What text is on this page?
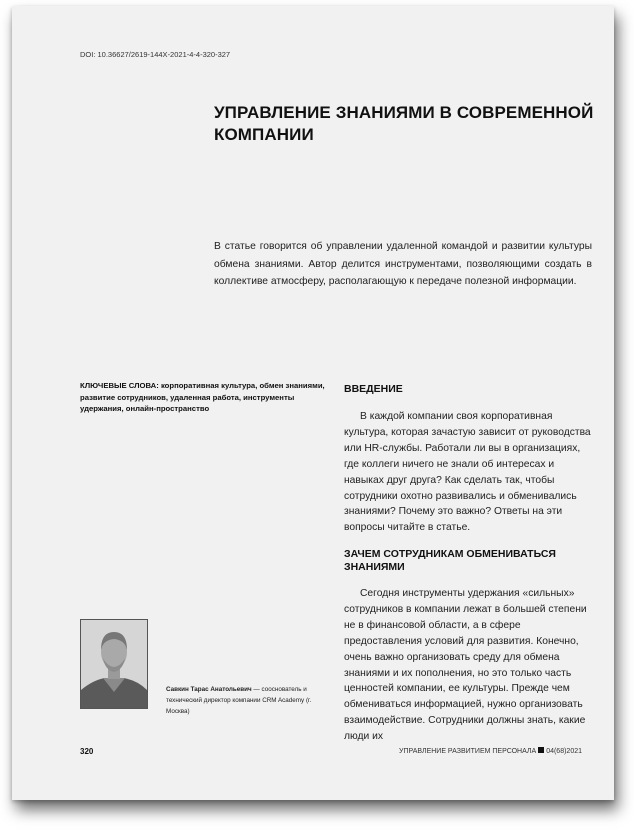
DOI: 10.36627/2619-144X-2021-4-4-320-327
УПРАВЛЕНИЕ ЗНАНИЯМИ В СОВРЕМЕННОЙ
КОМПАНИИ
В статье говорится об управлении удаленной командой и развитии культуры обмена знаниями. Автор делится инструментами, позволяющими создать в коллективе атмосферу, располагающую к передаче полезной информации.
КЛЮЧЕВЫЕ СЛОВА: корпоративная культура, обмен знаниями, развитие сотрудников, удаленная работа, инструменты удержания, онлайн-пространство
ВВЕДЕНИЕ

В каждой компании своя корпоративная культура, которая зачастую зависит от руководства или HR-службы. Работали ли вы в организациях, где коллеги ничего не знали об интересах и навыках друг друга? Как сделать так, чтобы сотрудники охотно развивались и обменивались знаниями? Почему это важно? Ответы на эти вопросы читайте в статье.

ЗАЧЕМ СОТРУДНИКАМ ОБМЕНИВАТЬСЯ ЗНАНИЯМИ

Сегодня инструменты удержания «сильных» сотрудников в компании лежат в большей степени не в финансовой области, а в сфере предоставления условий для развития. Конечно, очень важно организовать среду для обмена знаниями и их пополнения, но это только часть ценностей компании, ее культуры. Прежде чем обмениваться информацией, нужно организовать взаимодействие. Сотрудники должны знать, какие люди их

Савкин Тарас Анатольевич — сооснователь и технический директор компании CRM Academy (г. Москва)
320	УПРАВЛЕНИЕ РАЗВИТИЕМ ПЕРСОНАЛА 04(68)2021
